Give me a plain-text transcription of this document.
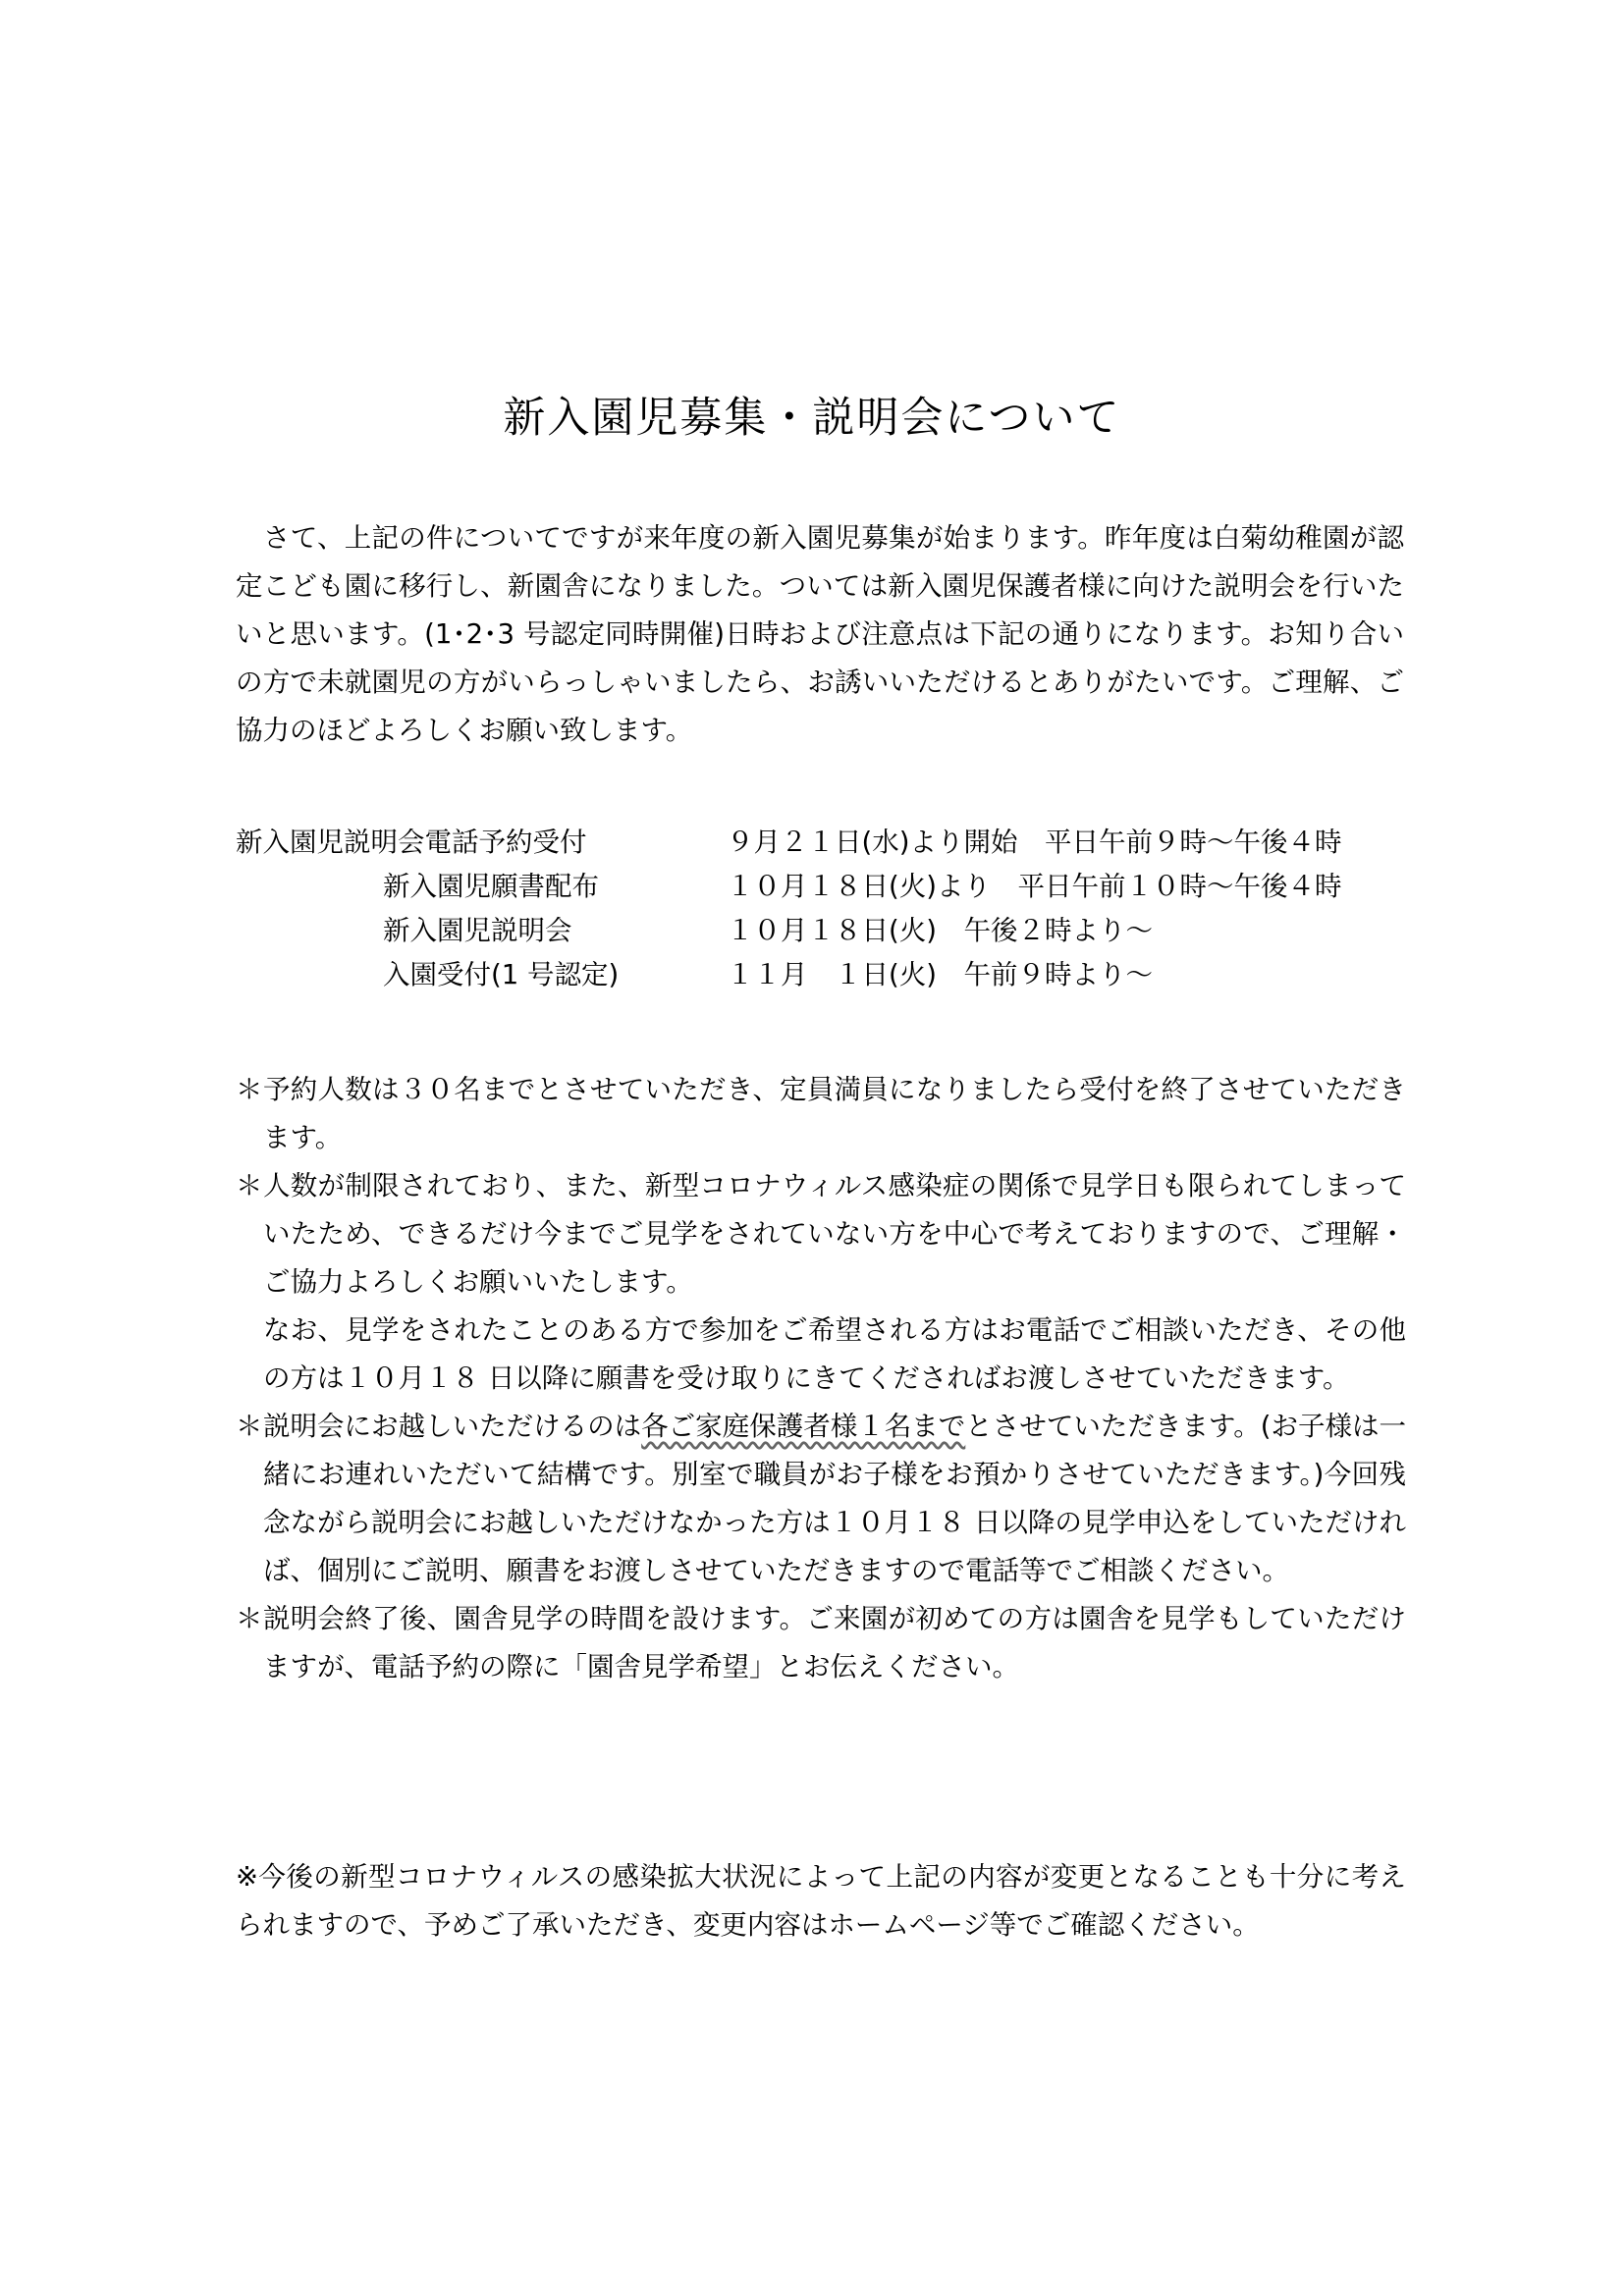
新入園児募集・説明会について

さて、上記の件についてですが来年度の新入園児募集が始まります。昨年度は白菊幼稚園が認定こども園に移行し、新園舎になりました。ついては新入園児保護者様に向けた説明会を行いたいと思います。(1･2･3 号認定同時開催)日時および注意点は下記の通りになります。お知り合いの方で未就園児の方がいらっしゃいましたら、お誘いいただけるとありがたいです。ご理解、ご協力のほどよろしくお願い致します。

新入園児説明会電話予約受付	９月２１日(水)より開始　平日午前９時～午後４時
新入園児願書配布	１０月１８日(火)より　平日午前１０時～午後４時
新入園児説明会	１０月１８日(火)　午後２時より～
入園受付(1 号認定)	１１月　１日(火)　午前９時より～

＊ 予約人数は３０名までとさせていただき、定員満員になりましたら受付を終了させていただきます。

＊ 人数が制限されており、また、新型コロナウィルス感染症の関係で見学日も限られてしまっていたため、できるだけ今までご見学をされていない方を中心で考えておりますので、ご理解・ご協力よろしくお願いいたします。

なお、見学をされたことのある方で参加をご希望される方はお電話でご相談いただき、その他の方は１０月１８ 日以降に願書を受け取りにきてくださればお渡しさせていただきます。

＊ 説明会にお越しいただけるのは各ご家庭保護者様１名までとさせていただきます。(お子様は一緒にお連れいただいて結構です。別室で職員がお子様をお預かりさせていただきます。)今回残念ながら説明会にお越しいただけなかった方は１０月１８ 日以降の見学申込をしていただければ、個別にご説明、願書をお渡しさせていただきますので電話等でご相談ください。

＊ 説明会終了後、園舎見学の時間を設けます。ご来園が初めての方は園舎を見学もしていただけますが、電話予約の際に「園舎見学希望」とお伝えください。

※今後の新型コロナウィルスの感染拡大状況によって上記の内容が変更となることも十分に考えられますので、予めご了承いただき、変更内容はホームページ等でご確認ください。
